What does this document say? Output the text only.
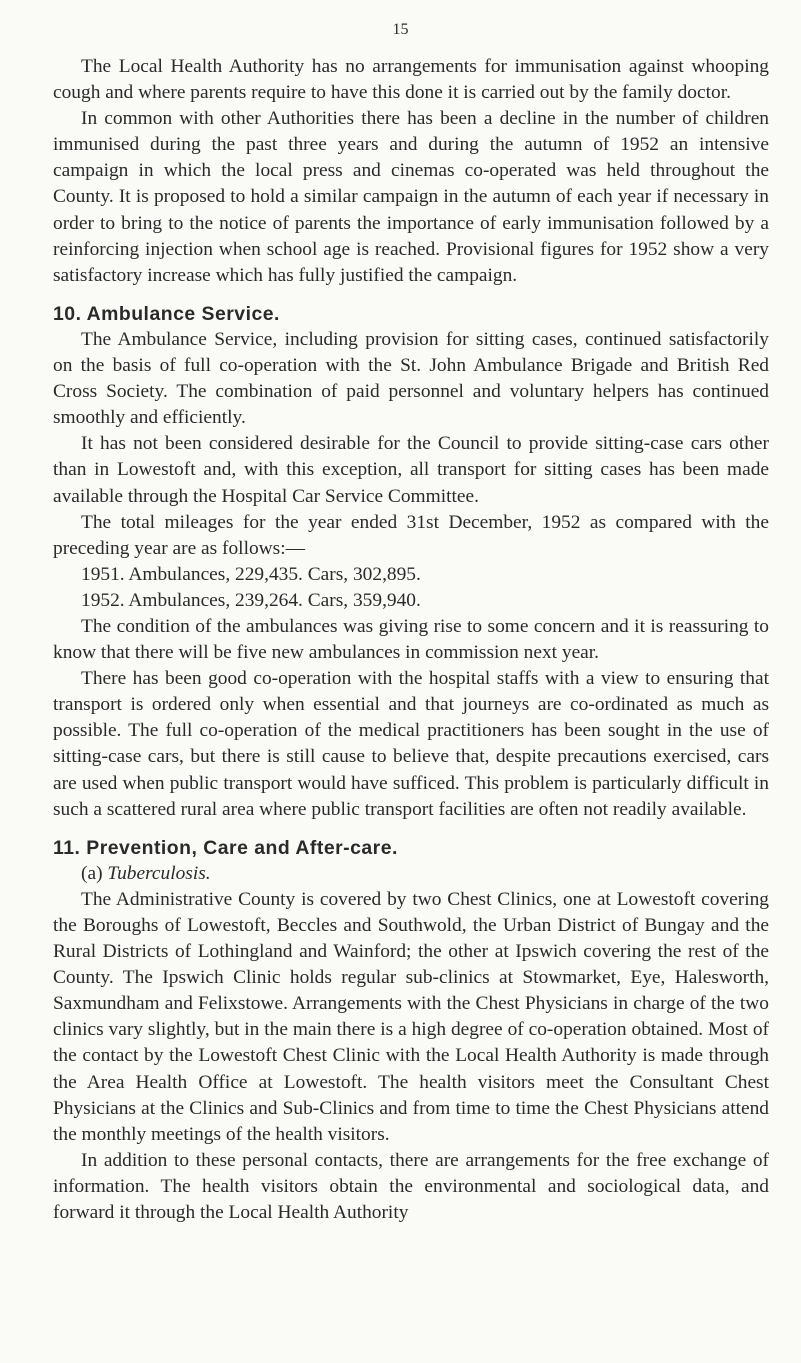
15

The Local Health Authority has no arrangements for immunisation against whooping cough and where parents require to have this done it is carried out by the family doctor.

In common with other Authorities there has been a decline in the number of children immunised during the past three years and during the autumn of 1952 an intensive campaign in which the local press and cinemas co-operated was held throughout the County. It is proposed to hold a similar campaign in the autumn of each year if necessary in order to bring to the notice of parents the importance of early immunisation followed by a reinforcing injection when school age is reached. Provisional figures for 1952 show a very satisfactory increase which has fully justified the campaign.

10. Ambulance Service.

The Ambulance Service, including provision for sitting cases, continued satisfactorily on the basis of full co-operation with the St. John Ambulance Brigade and British Red Cross Society. The combination of paid personnel and voluntary helpers has continued smoothly and efficiently.

It has not been considered desirable for the Council to provide sitting-case cars other than in Lowestoft and, with this exception, all transport for sitting cases has been made available through the Hospital Car Service Committee.

The total mileages for the year ended 31st December, 1952 as compared with the preceding year are as follows:—

1951. Ambulances, 229,435. Cars, 302,895.

1952. Ambulances, 239,264. Cars, 359,940.

The condition of the ambulances was giving rise to some concern and it is reassuring to know that there will be five new ambulances in commission next year.

There has been good co-operation with the hospital staffs with a view to ensuring that transport is ordered only when essential and that journeys are co-ordinated as much as possible. The full co-operation of the medical practitioners has been sought in the use of sitting-case cars, but there is still cause to believe that, despite precautions exercised, cars are used when public transport would have sufficed. This problem is particularly difficult in such a scattered rural area where public transport facilities are often not readily available.

11. Prevention, Care and After-care.

(a) Tuberculosis.

The Administrative County is covered by two Chest Clinics, one at Lowestoft covering the Boroughs of Lowestoft, Beccles and Southwold, the Urban District of Bungay and the Rural Districts of Lothingland and Wainford; the other at Ipswich covering the rest of the County. The Ipswich Clinic holds regular sub-clinics at Stowmarket, Eye, Halesworth, Saxmundham and Felixstowe. Arrangements with the Chest Physicians in charge of the two clinics vary slightly, but in the main there is a high degree of co-operation obtained. Most of the contact by the Lowestoft Chest Clinic with the Local Health Authority is made through the Area Health Office at Lowestoft. The health visitors meet the Consultant Chest Physicians at the Clinics and Sub-Clinics and from time to time the Chest Physicians attend the monthly meetings of the health visitors.

In addition to these personal contacts, there are arrangements for the free exchange of information. The health visitors obtain the environmental and sociological data, and forward it through the Local Health Authority
